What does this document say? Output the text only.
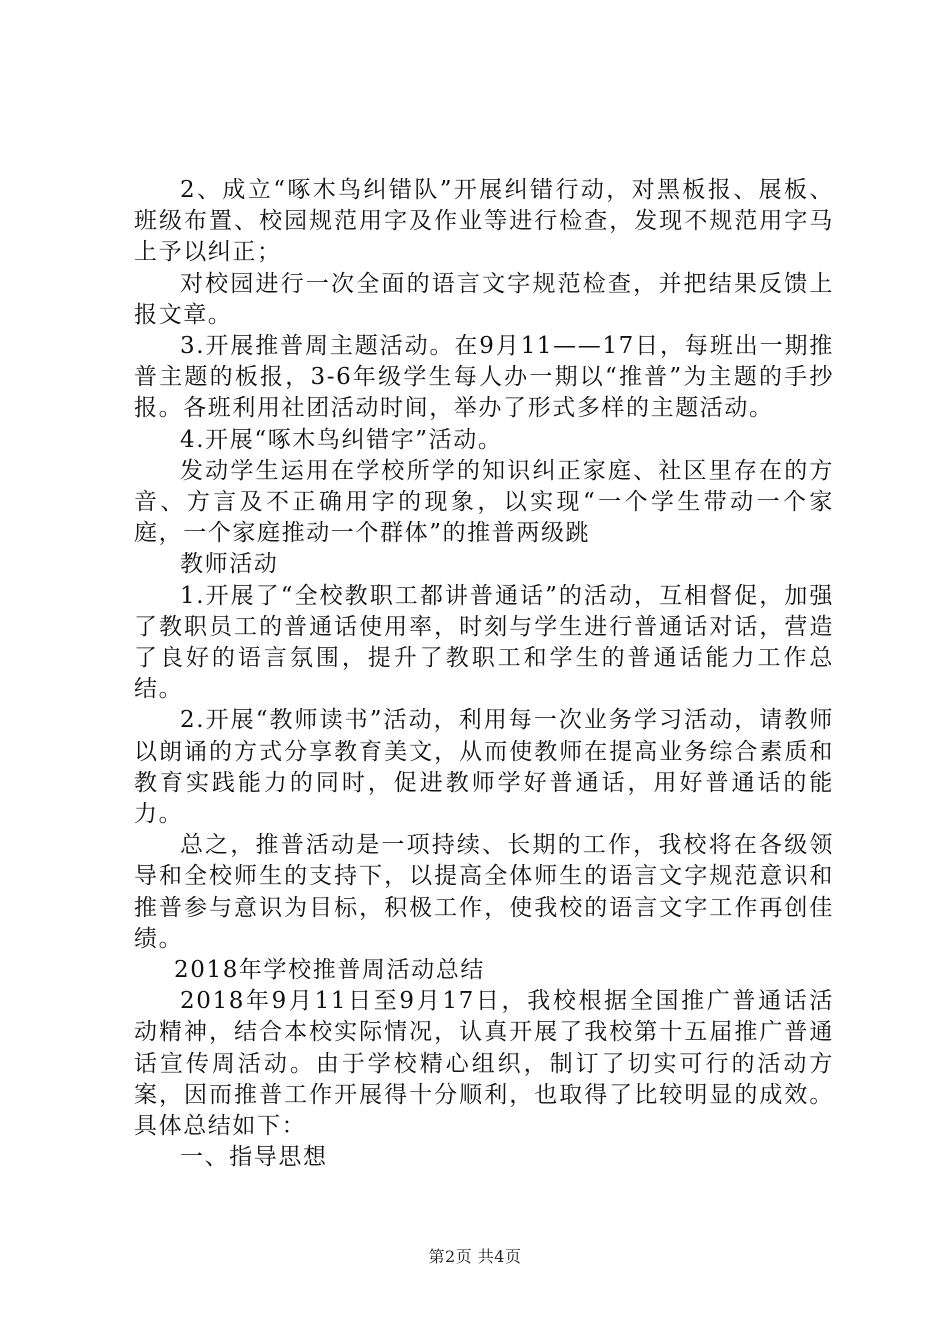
2、成立“啄木鸟纠错队”开展纠错行动，对黑板报、展板、班级布置、校园规范用字及作业等进行检查，发现不规范用字马上予以纠正；

对校园进行一次全面的语言文字规范检查，并把结果反馈上报文章。

3.开展推普周主题活动。在9月11——17日，每班出一期推普主题的板报，3-6年级学生每人办一期以“推普”为主题的手抄报。各班利用社团活动时间，举办了形式多样的主题活动。

4.开展“啄木鸟纠错字”活动。

发动学生运用在学校所学的知识纠正家庭、社区里存在的方音、方言及不正确用字的现象，以实现“一个学生带动一个家庭，一个家庭推动一个群体”的推普两级跳

教师活动

1.开展了“全校教职工都讲普通话”的活动，互相督促，加强了教职员工的普通话使用率，时刻与学生进行普通话对话，营造了良好的语言氛围，提升了教职工和学生的普通话能力工作总结。

2.开展“教师读书”活动，利用每一次业务学习活动，请教师以朗诵的方式分享教育美文，从而使教师在提高业务综合素质和教育实践能力的同时，促进教师学好普通话，用好普通话的能力。

总之，推普活动是一项持续、长期的工作，我校将在各级领导和全校师生的支持下，以提高全体师生的语言文字规范意识和推普参与意识为目标，积极工作，使我校的语言文字工作再创佳绩。

2018年学校推普周活动总结

2018年9月11日至9月17日，我校根据全国推广普通话活动精神，结合本校实际情况，认真开展了我校第十五届推广普通话宣传周活动。由于学校精心组织，制订了切实可行的活动方案，因而推普工作开展得十分顺利，也取得了比较明显的成效。具体总结如下：

一、指导思想

第2页 共4页
